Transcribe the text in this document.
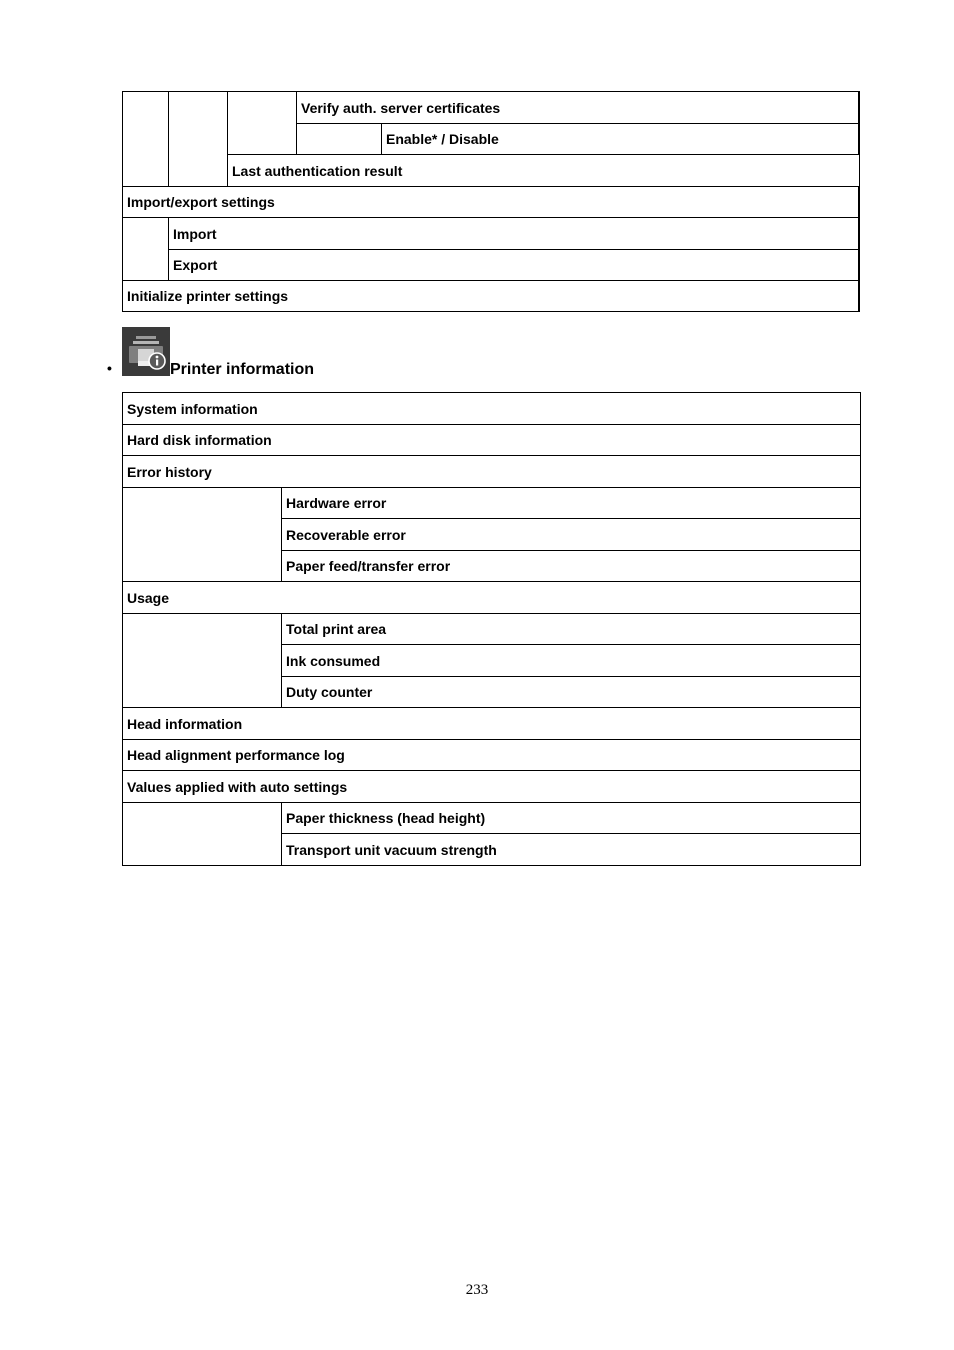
Verify auth. server certificates
Enable* / Disable
Last authentication result
Import/export settings
Import
Export
Initialize printer settings
•	Printer information
System information
Hard disk information
Error history
Hardware error
Recoverable error
Paper feed/transfer error
Usage
Total print area
Ink consumed
Duty counter
Head information
Head alignment performance log
Values applied with auto settings
Paper thickness (head height)
Transport unit vacuum strength
233
